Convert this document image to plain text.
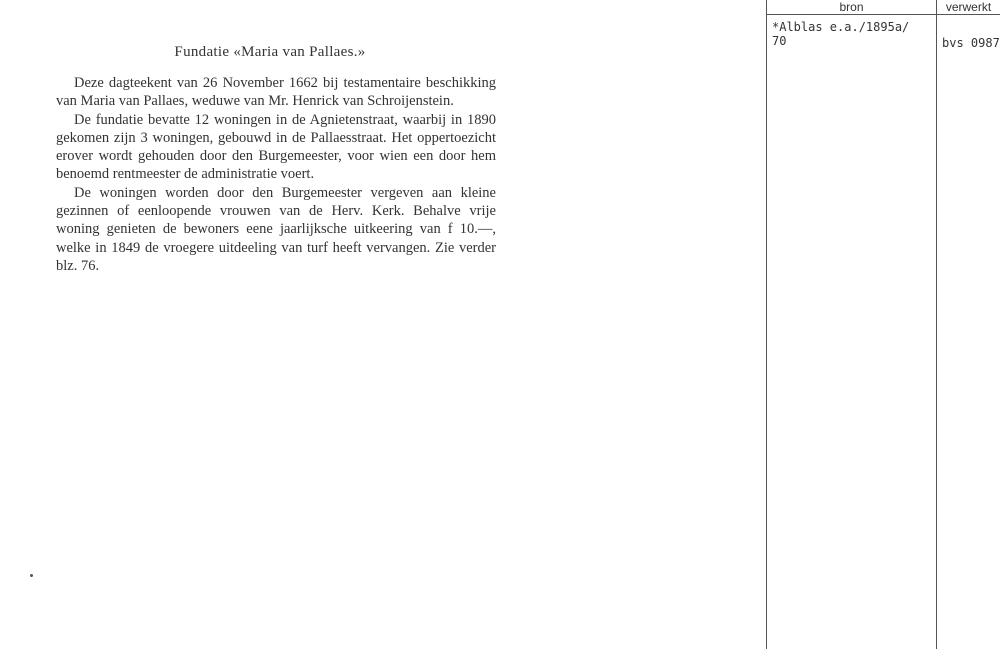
Fundatie «Maria van Pallaes.»

Deze dagteekent van 26 November 1662 bij testamentaire beschikking van Maria van Pallaes, weduwe van Mr. Henrick van Schroijenstein.

De fundatie bevatte 12 woningen in de Agnietenstraat, waarbij in 1890 gekomen zijn 3 woningen, gebouwd in de Pallaesstraat. Het oppertoezicht erover wordt gehouden door den Burgemeester, voor wien een door hem benoemd rentmeester de administratie voert.

De woningen worden door den Burgemeester vergeven aan kleine gezinnen of eenloopende vrouwen van de Herv. Kerk. Behalve vrije woning genieten de bewoners eene jaarlijksche uitkeering van f 10.—, welke in 1849 de vroegere uitdeeling van turf heeft vervangen. Zie verder blz. 76.

bron	verwerkt
*Alblas e.a./1895a/
70	bvs 0987
